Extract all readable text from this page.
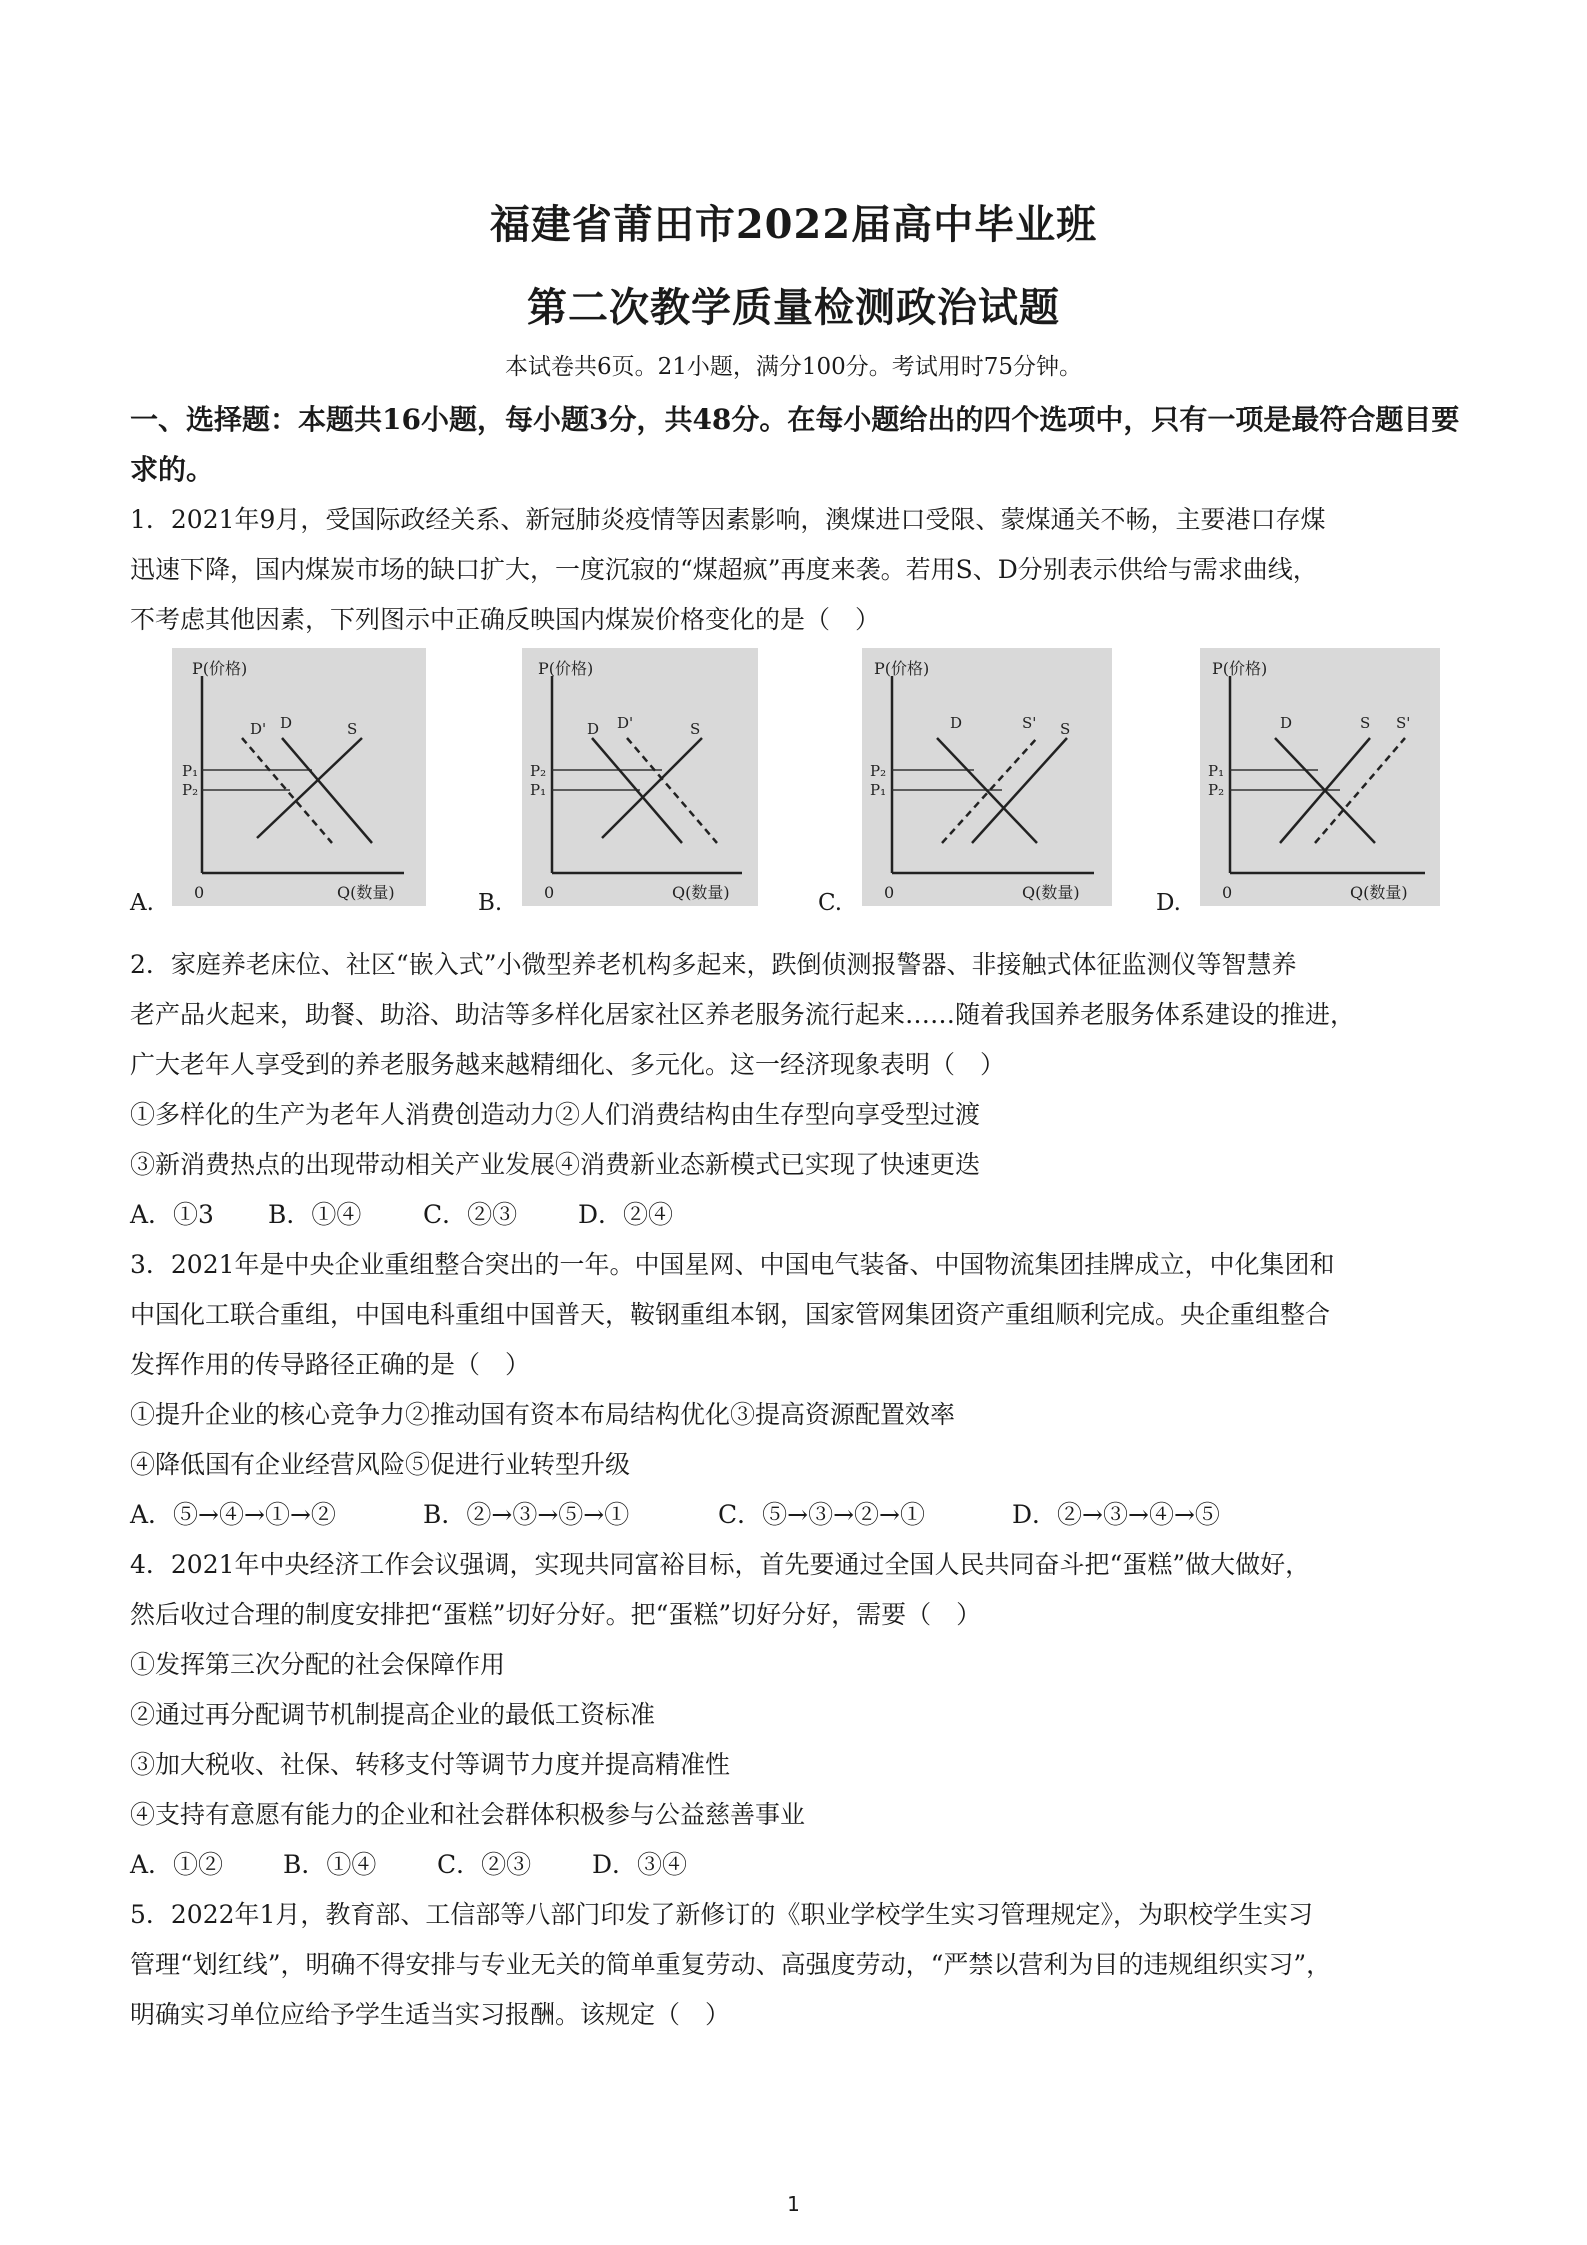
福建省莆田市2022届高中毕业班
第二次教学质量检测政治试题
本试卷共6页。21小题，满分100分。考试用时75分钟。
一、选择题：本题共16小题，每小题3分，共48分。在每小题给出的四个选项中，只有一项是最符合题目要求的。
1．2021年9月，受国际政经关系、新冠肺炎疫情等因素影响，澳煤进口受限、蒙煤通关不畅，主要港口存煤
迅速下降，国内煤炭市场的缺口扩大，一度沉寂的“煤超疯”再度来袭。若用S、D分别表示供给与需求曲线，
不考虑其他因素，下列图示中正确反映国内煤炭价格变化的是（　）
A.
P(价格)
Q(数量)
0
P₁
P₂
D' D	S
B.
P(价格)
Q(数量)
0
P₂
P₁
D D'	S
C.
P(价格)
Q(数量)
0
P₂
P₁
D	S' S
D.
P(价格)
Q(数量)
0
P₁
P₂
D	S S'
2．家庭养老床位、社区“嵌入式”小微型养老机构多起来，跌倒侦测报警器、非接触式体征监测仪等智慧养
老产品火起来，助餐、助浴、助洁等多样化居家社区养老服务流行起来……随着我国养老服务体系建设的推进，
广大老年人享受到的养老服务越来越精细化、多元化。这一经济现象表明（　）
①多样化的生产为老年人消费创造动力②人们消费结构由生存型向享受型过渡
③新消费热点的出现带动相关产业发展④消费新业态新模式已实现了快速更迭
A．①3 B．①④ C．②③ D．②④
3．2021年是中央企业重组整合突出的一年。中国星网、中国电气装备、中国物流集团挂牌成立，中化集团和
中国化工联合重组，中国电科重组中国普天，鞍钢重组本钢，国家管网集团资产重组顺利完成。央企重组整合
发挥作用的传导路径正确的是（　）
①提升企业的核心竞争力②推动国有资本布局结构优化③提高资源配置效率
④降低国有企业经营风险⑤促进行业转型升级
A．⑤→④→①→②	B．②→③→⑤→①	C．⑤→③→②→①	D．②→③→④→⑤
4．2021年中央经济工作会议强调，实现共同富裕目标，首先要通过全国人民共同奋斗把“蛋糕”做大做好，
然后收过合理的制度安排把“蛋糕”切好分好。把“蛋糕”切好分好，需要（　）
①发挥第三次分配的社会保障作用
②通过再分配调节机制提高企业的最低工资标准
③加大税收、社保、转移支付等调节力度并提高精准性
④支持有意愿有能力的企业和社会群体积极参与公益慈善事业
A．①② B．①④ C．②③ D．③④
5．2022年1月，教育部、工信部等八部门印发了新修订的《职业学校学生实习管理规定》，为职校学生实习
管理“划红线”，明确不得安排与专业无关的简单重复劳动、高强度劳动，“严禁以营利为目的违规组织实习”，
明确实习单位应给予学生适当实习报酬。该规定（　）
1
